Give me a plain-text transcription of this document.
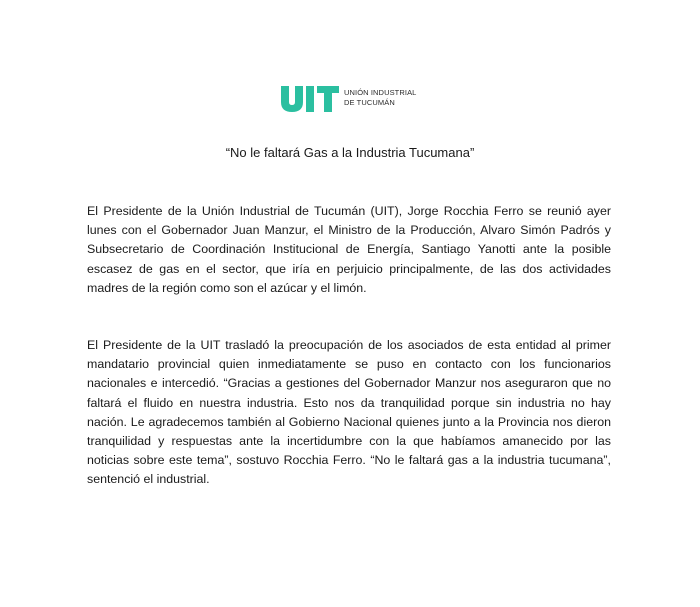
UNIÓN INDUSTRIAL
DE TUCUMÁN
“No le faltará Gas a la Industria Tucumana”
El Presidente de la Unión Industrial de Tucumán (UIT), Jorge Rocchia Ferro se reunió ayer lunes con el Gobernador Juan Manzur, el Ministro de la Producción, Alvaro Simón Padrós y Subsecretario de Coordinación Institucional de Energía, Santiago Yanotti ante la posible escasez de gas en el sector, que iría en perjuicio principalmente, de las dos actividades madres de la región como son el azúcar y el limón.
El Presidente de la UIT trasladó la preocupación de los asociados de esta entidad al primer mandatario provincial quien inmediatamente se puso en contacto con los funcionarios nacionales e intercedió. “Gracias a gestiones del Gobernador Manzur nos aseguraron que no faltará el fluido en nuestra industria. Esto nos da tranquilidad porque sin industria no hay nación. Le agradecemos también al Gobierno Nacional quienes junto a la Provincia nos dieron tranquilidad y respuestas ante la incertidumbre con la que habíamos amanecido por las noticias sobre este tema”, sostuvo Rocchia Ferro. “No le faltará gas a la industria tucumana”, sentenció el industrial.
